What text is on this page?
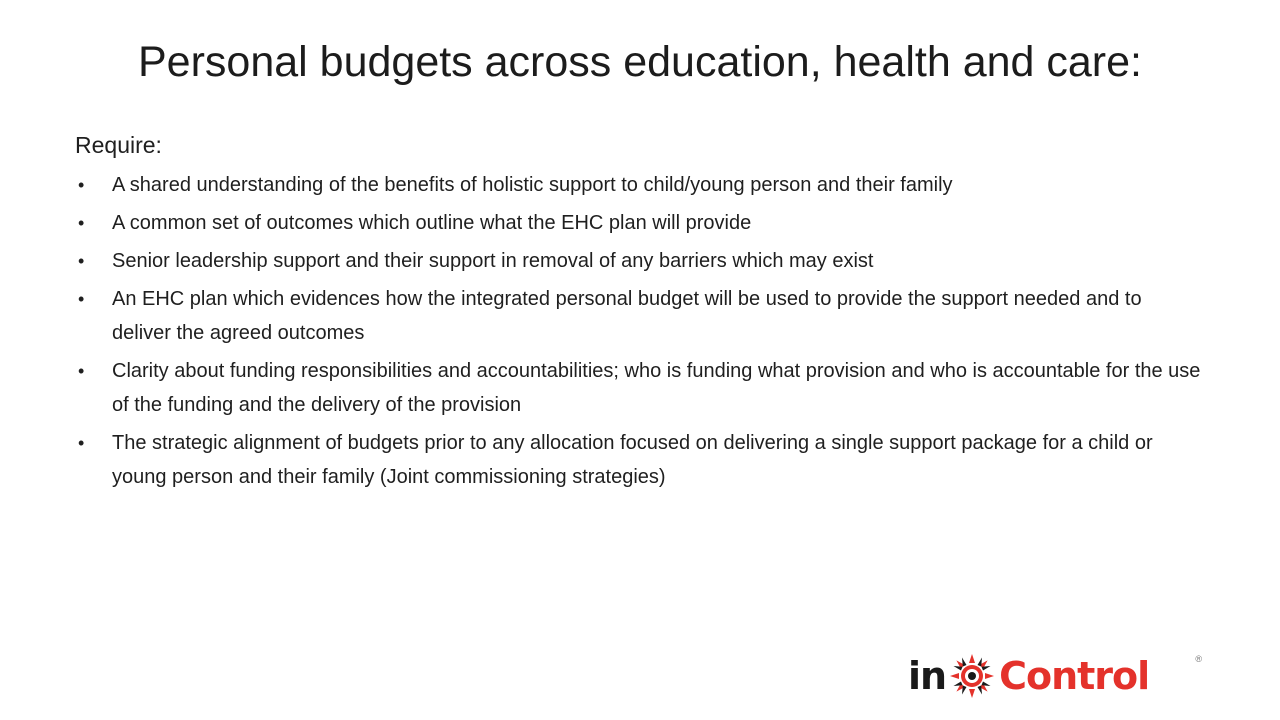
Personal budgets across education, health and care:

Require:

• A shared understanding of the benefits of holistic support to child/young person and their family
• A common set of outcomes which outline what the EHC plan will provide
• Senior leadership support and their support in removal of any barriers which may exist
• An EHC plan which evidences how the integrated personal budget will be used to provide the support needed and to deliver the agreed outcomes
• Clarity about funding responsibilities and accountabilities; who is funding what provision and who is accountable for the use of the funding and the delivery of the provision
• The strategic alignment of budgets prior to any allocation focused on delivering a single support package for a child or young person and their family (Joint commissioning strategies)
in Control	®
